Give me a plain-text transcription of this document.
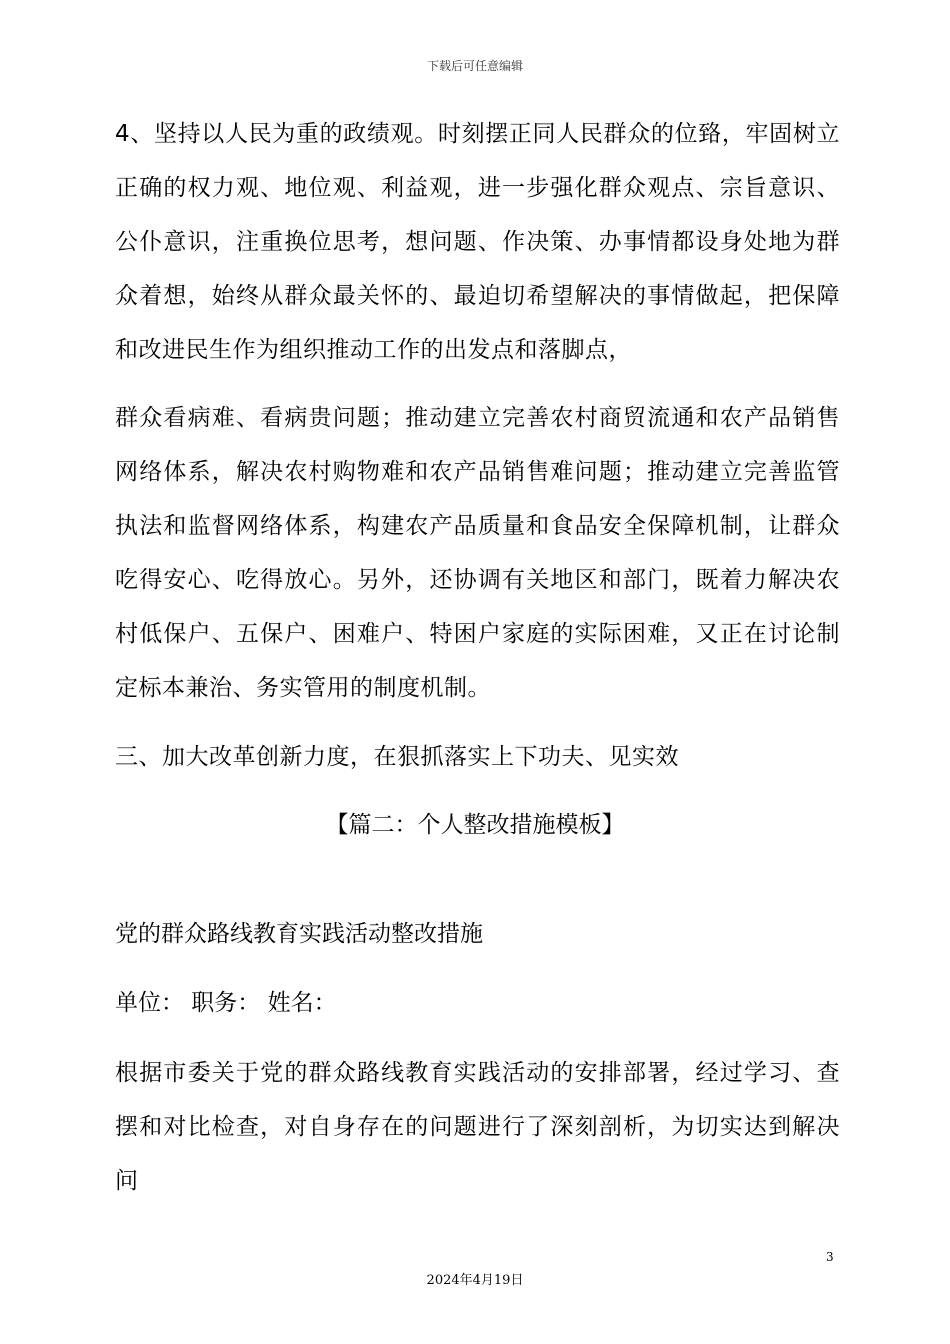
下载后可任意编辑

4、坚持以人民为重的政绩观。时刻摆正同人民群众的位臵，牢固树立正确的权力观、地位观、利益观，进一步强化群众观点、宗旨意识、公仆意识，注重换位思考，想问题、作决策、办事情都设身处地为群众着想，始终从群众最关怀的、最迫切希望解决的事情做起，把保障和改进民生作为组织推动工作的出发点和落脚点，

群众看病难、看病贵问题；推动建立完善农村商贸流通和农产品销售网络体系，解决农村购物难和农产品销售难问题；推动建立完善监管执法和监督网络体系，构建农产品质量和食品安全保障机制，让群众吃得安心、吃得放心。另外，还协调有关地区和部门，既着力解决农村低保户、五保户、困难户、特困户家庭的实际困难，又正在讨论制定标本兼治、务实管用的制度机制。

三、加大改革创新力度，在狠抓落实上下功夫、见实效

【篇二：个人整改措施模板】

党的群众路线教育实践活动整改措施

单位： 职务： 姓名：

根据市委关于党的群众路线教育实践活动的安排部署，经过学习、查摆和对比检查，对自身存在的问题进行了深刻剖析，为切实达到解决问

3
2024年4月19日
